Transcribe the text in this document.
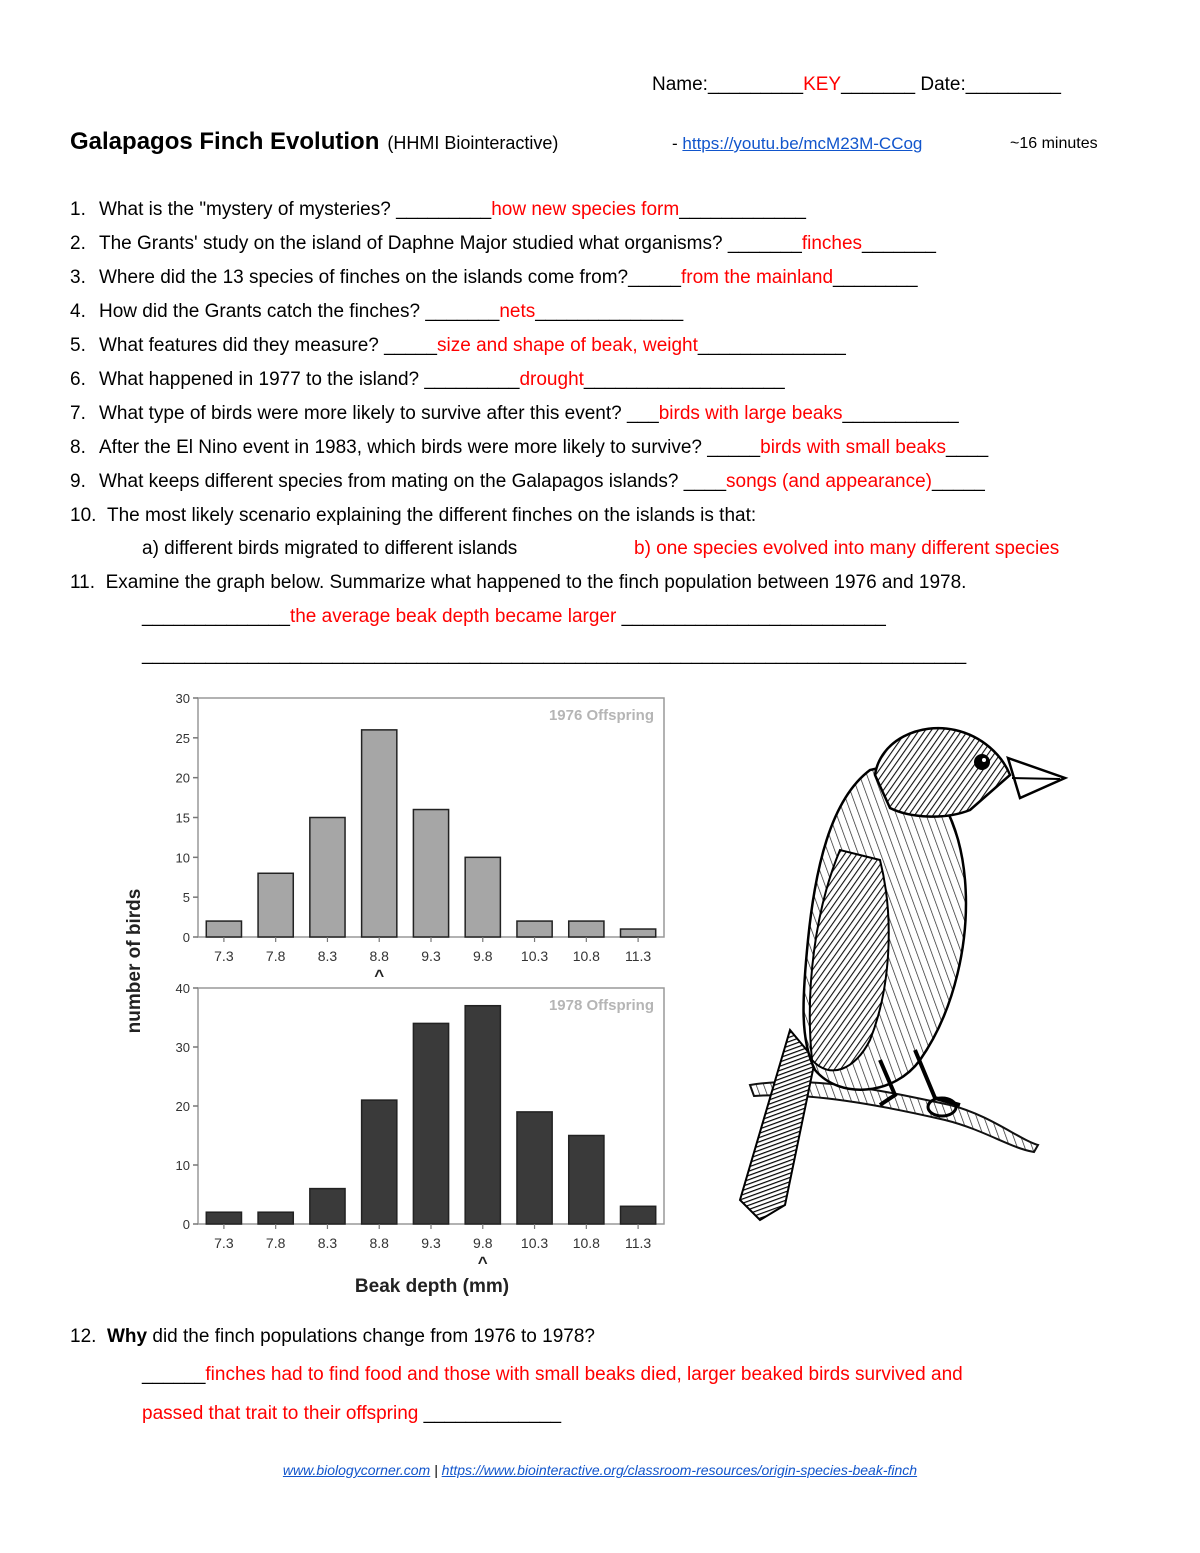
Name:_________KEY_______ Date:_________
Galapagos Finch Evolution (HHMI Biointeractive)	- https://youtu.be/mcM23M-CCog	~16 minutes
1. What is the "mystery of mysteries? _________how new species form____________
2. The Grants' study on the island of Daphne Major studied what organisms? _______finches_______
3. Where did the 13 species of finches on the islands come from?_____from the mainland________
4. How did the Grants catch the finches? _______nets______________
5. What features did they measure? _____size and shape of beak, weight______________
6. What happened in 1977 to the island? _________drought___________________
7. What type of birds were more likely to survive after this event? ___birds with large beaks___________
8. After the El Nino event in 1983, which birds were more likely to survive? _____birds with small beaks____
9. What keeps different species from mating on the Galapagos islands? ____songs (and appearance)_____
10. The most likely scenario explaining the different finches on the islands is that:
a) different birds migrated to different islands	b) one species evolved into many different species
11. Examine the graph below. Summarize what happened to the finch population between 1976 and 1978.
______________the average beak depth became larger _________________________
______________________________________________________________________________
0
5
10
15
20
25
30
7.3 7.8 8.3 8.8
^
9.3 9.8 10.3 10.8 11.3
1976 Offspring
0
10
20
30
40
7.3 7.8 8.3 8.8 9.3 9.8
^
10.3 10.8 11.3
1978 Offspring
number of birds
Beak depth (mm)
12. Why did the finch populations change from 1976 to 1978?
______finches had to find food and those with small beaks died, larger beaked birds survived and
passed that trait to their offspring _____________
www.biologycorner.com | https://www.biointeractive.org/classroom-resources/origin-species-beak-finch
